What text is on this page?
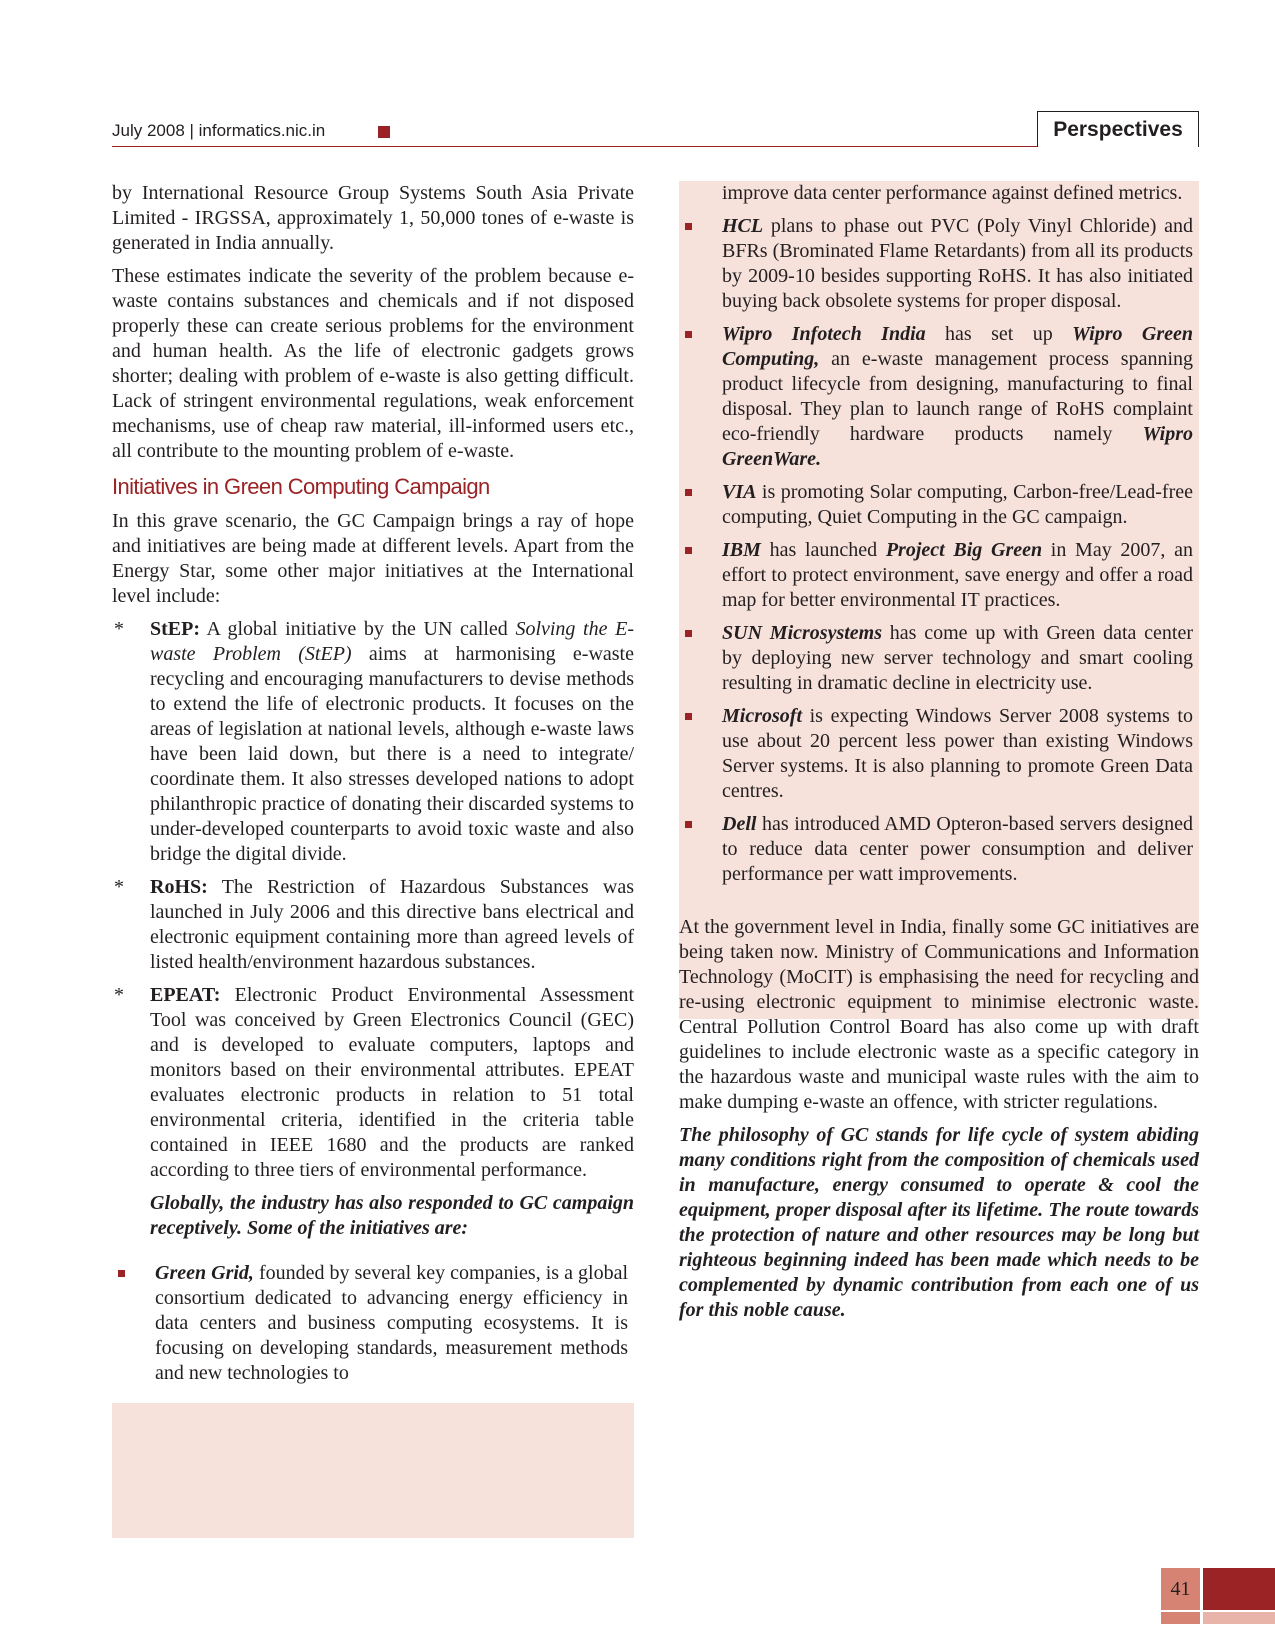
July 2008 | informatics.nic.in	Perspectives

by International Resource Group Systems South Asia Private Limited - IRGSSA, approximately 1, 50,000 tones of e-waste is generated in India annually.

These estimates indicate the severity of the problem because e-waste contains substances and chemicals and if not disposed properly these can create serious problems for the environment and human health. As the life of electronic gadgets grows shorter; dealing with problem of e-waste is also getting difficult. Lack of stringent environmental regulations, weak enforcement mechanisms, use of cheap raw material, ill-informed users etc., all contribute to the mounting problem of e-waste.

Initiatives in Green Computing Campaign

In this grave scenario, the GC Campaign brings a ray of hope and initiatives are being made at different levels. Apart from the Energy Star, some other major initiatives at the International level include:

* StEP: A global initiative by the UN called Solving the E-waste Problem (StEP) aims at harmonising e-waste recycling and encouraging manufacturers to devise methods to extend the life of electronic products. It focuses on the areas of legislation at national levels, although e-waste laws have been laid down, but there is a need to integrate/ coordinate them. It also stresses developed nations to adopt philanthropic practice of donating their discarded systems to under-developed counterparts to avoid toxic waste and also bridge the digital divide.
* RoHS: The Restriction of Hazardous Substances was launched in July 2006 and this directive bans electrical and electronic equipment containing more than agreed levels of listed health/environment hazardous substances.
* EPEAT: Electronic Product Environmental Assessment Tool was conceived by Green Electronics Council (GEC) and is developed to evaluate computers, laptops and monitors based on their environmental attributes. EPEAT evaluates electronic products in relation to 51 total environmental criteria, identified in the criteria table contained in IEEE 1680 and the products are ranked according to three tiers of environmental performance.

Globally, the industry has also responded to GC campaign receptively. Some of the initiatives are:

Green Grid, founded by several key companies, is a global consortium dedicated to advancing energy efficiency in data centers and business computing ecosystems. It is focusing on developing standards, measurement methods and new technologies to

improve data center performance against defined metrics.

HCL plans to phase out PVC (Poly Vinyl Chloride) and BFRs (Brominated Flame Retardants) from all its products by 2009-10 besides supporting RoHS. It has also initiated buying back obsolete systems for proper disposal.
Wipro Infotech India has set up Wipro Green Computing, an e-waste management process spanning product lifecycle from designing, manufacturing to final disposal. They plan to launch range of RoHS complaint eco-friendly hardware products namely Wipro GreenWare.
VIA is promoting Solar computing, Carbon-free/Lead-free computing, Quiet Computing in the GC campaign.
IBM has launched Project Big Green in May 2007, an effort to protect environment, save energy and offer a road map for better environmental IT practices.
SUN Microsystems has come up with Green data center by deploying new server technology and smart cooling resulting in dramatic decline in electricity use.
Microsoft is expecting Windows Server 2008 systems to use about 20 percent less power than existing Windows Server systems. It is also planning to promote Green Data centres.
Dell has introduced AMD Opteron-based servers designed to reduce data center power consumption and deliver performance per watt improvements.

At the government level in India, finally some GC initiatives are being taken now. Ministry of Communications and Information Technology (MoCIT) is emphasising the need for recycling and re-using electronic equipment to minimise electronic waste. Central Pollution Control Board has also come up with draft guidelines to include electronic waste as a specific category in the hazardous waste and municipal waste rules with the aim to make dumping e-waste an offence, with stricter regulations.

The philosophy of GC stands for life cycle of system abiding many conditions right from the composition of chemicals used in manufacture, energy consumed to operate & cool the equipment, proper disposal after its lifetime. The route towards the protection of nature and other resources may be long but righteous beginning indeed has been made which needs to be complemented by dynamic contribution from each one of us for this noble cause.

41
